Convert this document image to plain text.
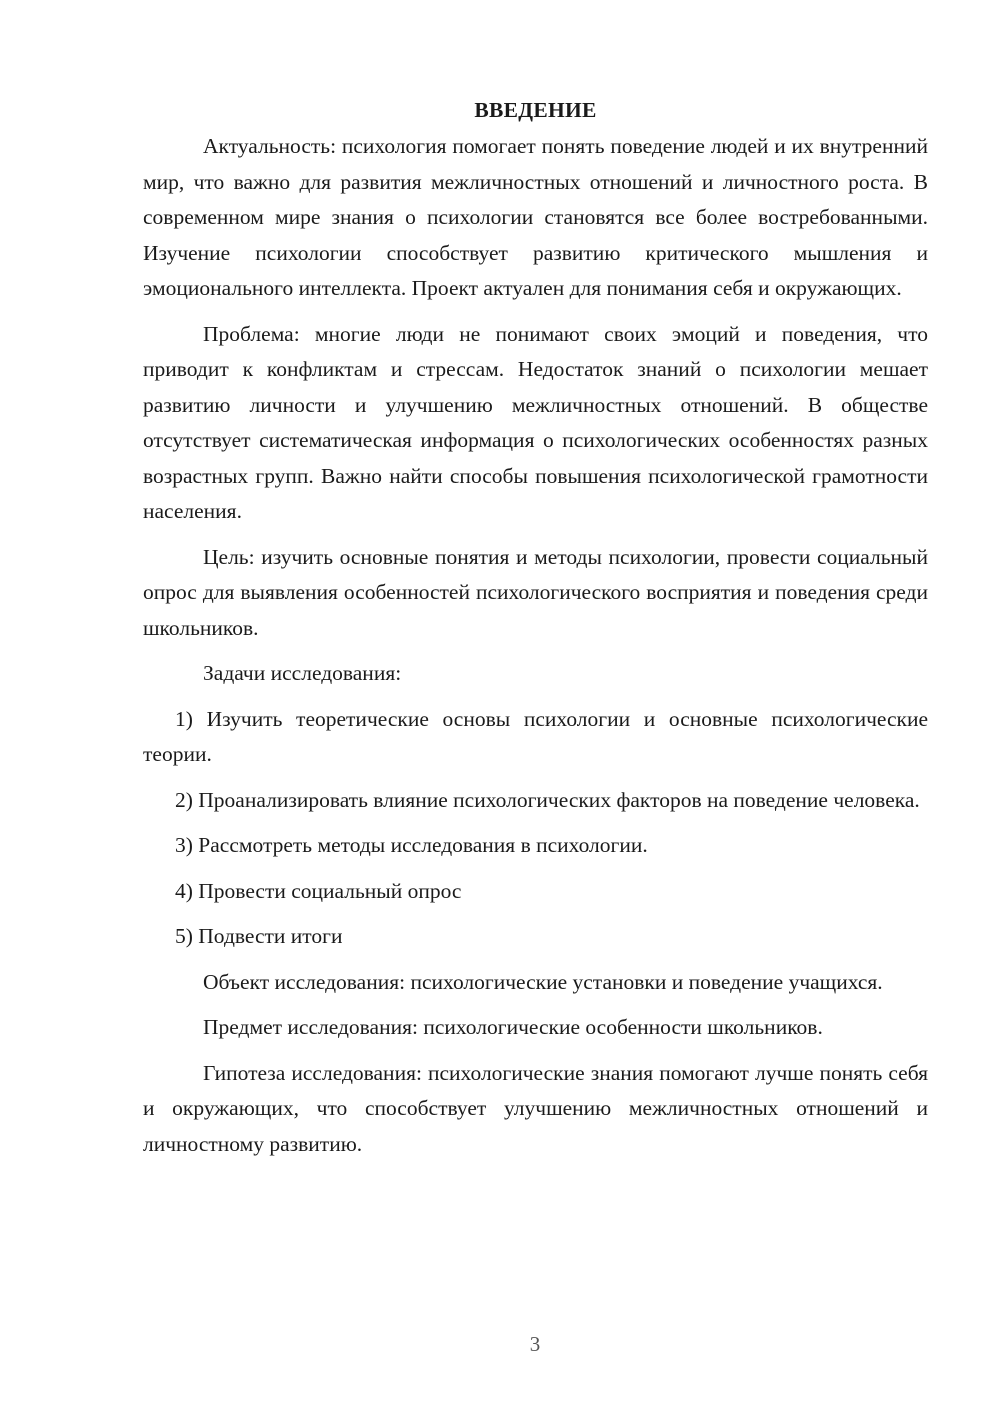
ВВЕДЕНИЕ

Актуальность: психология помогает понять поведение людей и их внутренний мир, что важно для развития межличностных отношений и личностного роста. В современном мире знания о психологии становятся все более востребованными. Изучение психологии способствует развитию критического мышления и эмоционального интеллекта. Проект актуален для понимания себя и окружающих.

Проблема: многие люди не понимают своих эмоций и поведения, что приводит к конфликтам и стрессам. Недостаток знаний о психологии мешает развитию личности и улучшению межличностных отношений. В обществе отсутствует систематическая информация о психологических особенностях разных возрастных групп. Важно найти способы повышения психологической грамотности населения.

Цель: изучить основные понятия и методы психологии, провести социальный опрос для выявления особенностей психологического восприятия и поведения среди школьников.

Задачи исследования:

1) Изучить теоретические основы психологии и основные психологические теории.

2) Проанализировать влияние психологических факторов на поведение человека.

3) Рассмотреть методы исследования в психологии.

4) Провести социальный опрос

5) Подвести итоги

Объект исследования: психологические установки и поведение учащихся.

Предмет исследования: психологические особенности школьников.

Гипотеза исследования: психологические знания помогают лучше понять себя и окружающих, что способствует улучшению межличностных отношений и личностному развитию.

3
